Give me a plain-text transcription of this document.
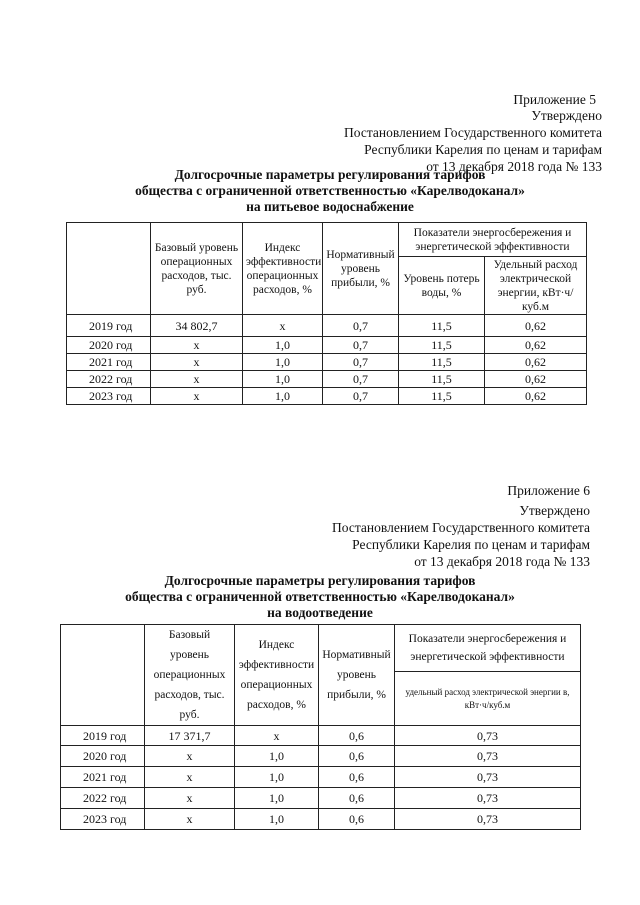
Приложение 5
Утверждено
Постановлением Государственного комитета
Республики Карелия по ценам и тарифам
от 13 декабря 2018 года № 133
Долгосрочные параметры регулирования тарифов
общества с ограниченной ответственностью «Карелводоканал»
на питьевое водоснабжение
	Базовый уровень операционных расходов, тыс. руб.	Индекс эффективности операционных расходов, %	Нормативный уровень прибыли, %	Показатели энергосбережения и энергетической эффективности	
				Уровень потерь воды, %	Удельный расход электрической энергии, кВт·ч/куб.м
2019 год	34 802,7	х	0,7	11,5	0,62
2020 год	х	1,0	0,7	11,5	0,62
2021 год	х	1,0	0,7	11,5	0,62
2022 год	х	1,0	0,7	11,5	0,62
2023 год	х	1,0	0,7	11,5	0,62
Приложение 6
Утверждено
Постановлением Государственного комитета
Республики Карелия по ценам и тарифам
от 13 декабря 2018 года № 133
Долгосрочные параметры регулирования тарифов
общества с ограниченной ответственностью «Карелводоканал»
на водоотведение
	Базовый уровень операционных расходов, тыс. руб.	Индекс эффективности операционных расходов, %	Нормативный уровень прибыли, %	Показатели энергосбережения и энергетической эффективности
				удельный расход электрической энергии в, кВт·ч/куб.м
2019 год	17 371,7	х	0,6	0,73
2020 год	х	1,0	0,6	0,73
2021 год	х	1,0	0,6	0,73
2022 год	х	1,0	0,6	0,73
2023 год	х	1,0	0,6	0,73
